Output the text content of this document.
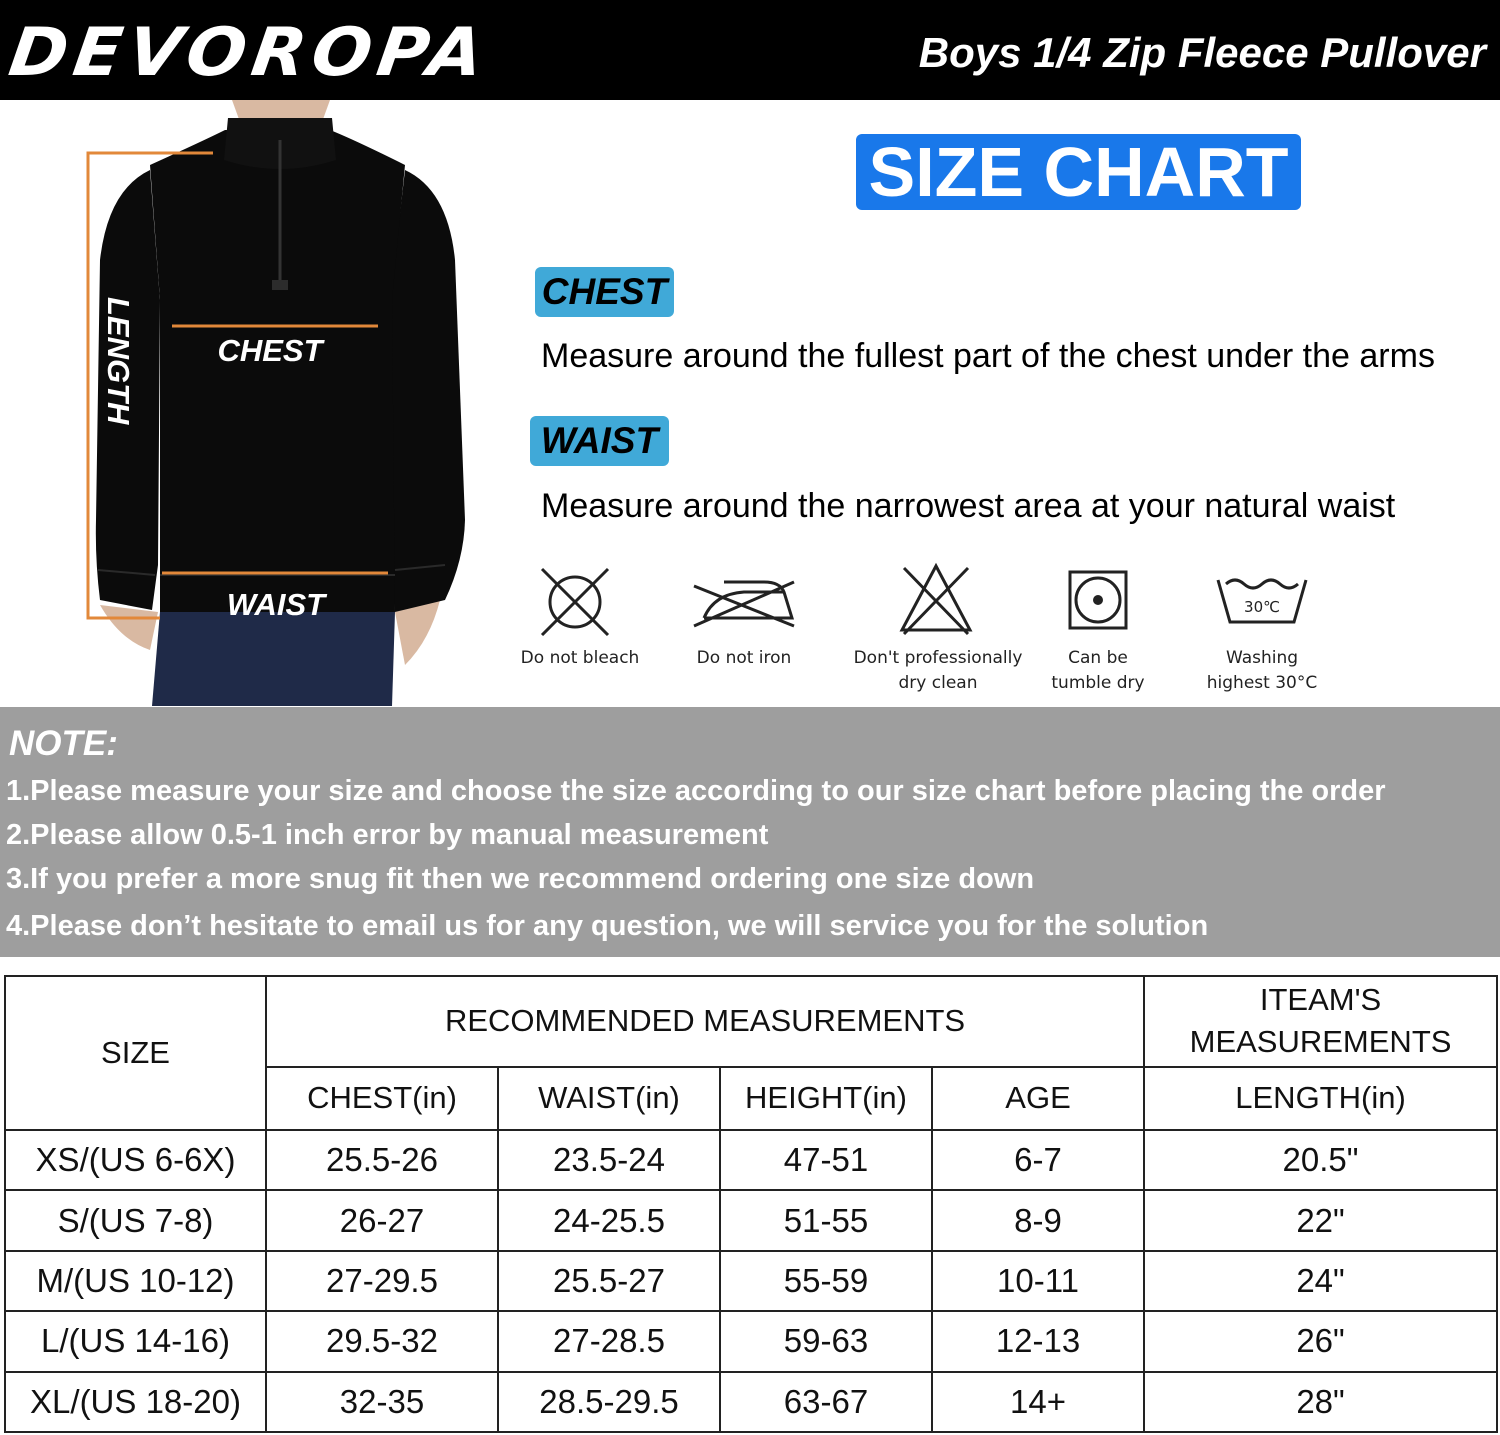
DEVOROPA	Boys 1/4 Zip Fleece Pullover
CHEST
WAIST
LENGTH
SIZE CHART
CHEST
Measure around the fullest part of the chest under the arms
WAIST
Measure around the narrowest area at your natural waist
Do not bleach	Do not iron	Don't professionally
dry clean
Can be
tumble dry
30℃
Washing
highest 30°C
NOTE:
1.Please measure your size and choose the size according to our size chart before placing the order
2.Please allow 0.5-1 inch error by manual measurement
3.If you prefer a more snug fit then we recommend ordering one size down
4.Please don’t hesitate to email us for any question, we will service you for the solution
SIZE	RECOMMENDED MEASUREMENTS				ITEAM'S MEASUREMENTS
	CHEST(in)	WAIST(in)	HEIGHT(in)	AGE	LENGTH(in)
XS/(US 6-6X)	25.5-26	23.5-24	47-51	6-7	20.5"
S/(US 7-8)	26-27	24-25.5	51-55	8-9	22"
M/(US 10-12)	27-29.5	25.5-27	55-59	10-11	24"
L/(US 14-16)	29.5-32	27-28.5	59-63	12-13	26"
XL/(US 18-20)	32-35	28.5-29.5	63-67	14+	28"
